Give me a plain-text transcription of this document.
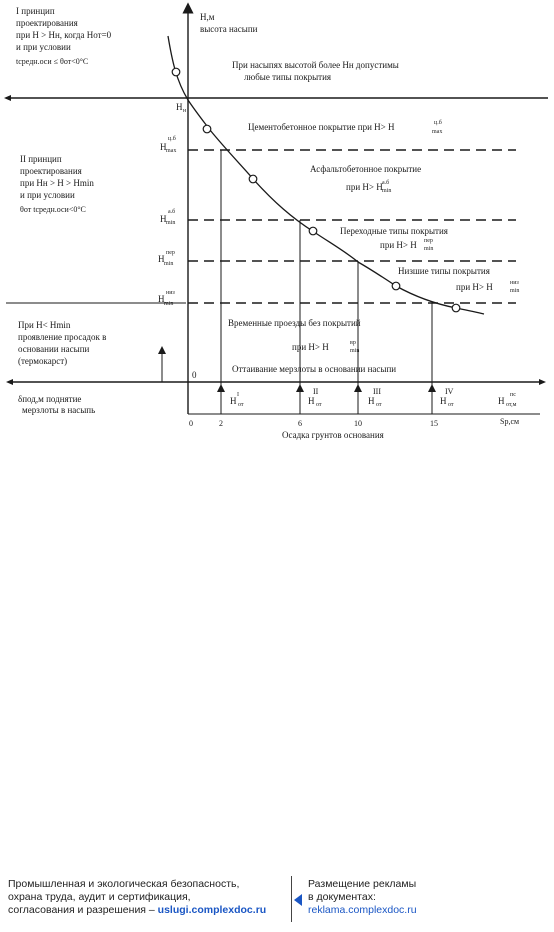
I принцип
проектирования
при H > Hн, когда Hот=0
и при условии
tсредн.оси ≤ θот<0°С
II принцип
проектирования
при Hн > H > Hmin
и при условии
θот tсредн.оси<0°С
При H< Hmin
проявление просадок в
основании насыпи
(термокарст)
δпод,м поднятие
мерзлоты в насыпь
H,м
высота насыпи
При насыпях высотой более Hн допустимы
любые типы покрытия
Цементобетонное покрытие при H> H	ц.б
max
Асфальтобетонное покрытие
при H> H а.б
min
Переходные типы покрытия
при H> H пер
min
Низшие типы покрытия
при H> H	низ
min
Временные проезды без покрытий
при H> H	вр
min
Оттаивание мерзлоты в основании насыпи
H н
H
ц.б
max
H
а.б
min
H
пер
min
H
низ
min
0
I
H от
II
H от
III
H от
IV
H от
пс
H от,м
0	2	6	10	15	Sp,см
Осадка грунтов основания
Промышленная и экологическая безопасность,
охрана труда, аудит и сертификация,
согласования и разрешения – uslugi.complexdoc.ru
Размещение рекламы
в документах:
reklama.complexdoc.ru
